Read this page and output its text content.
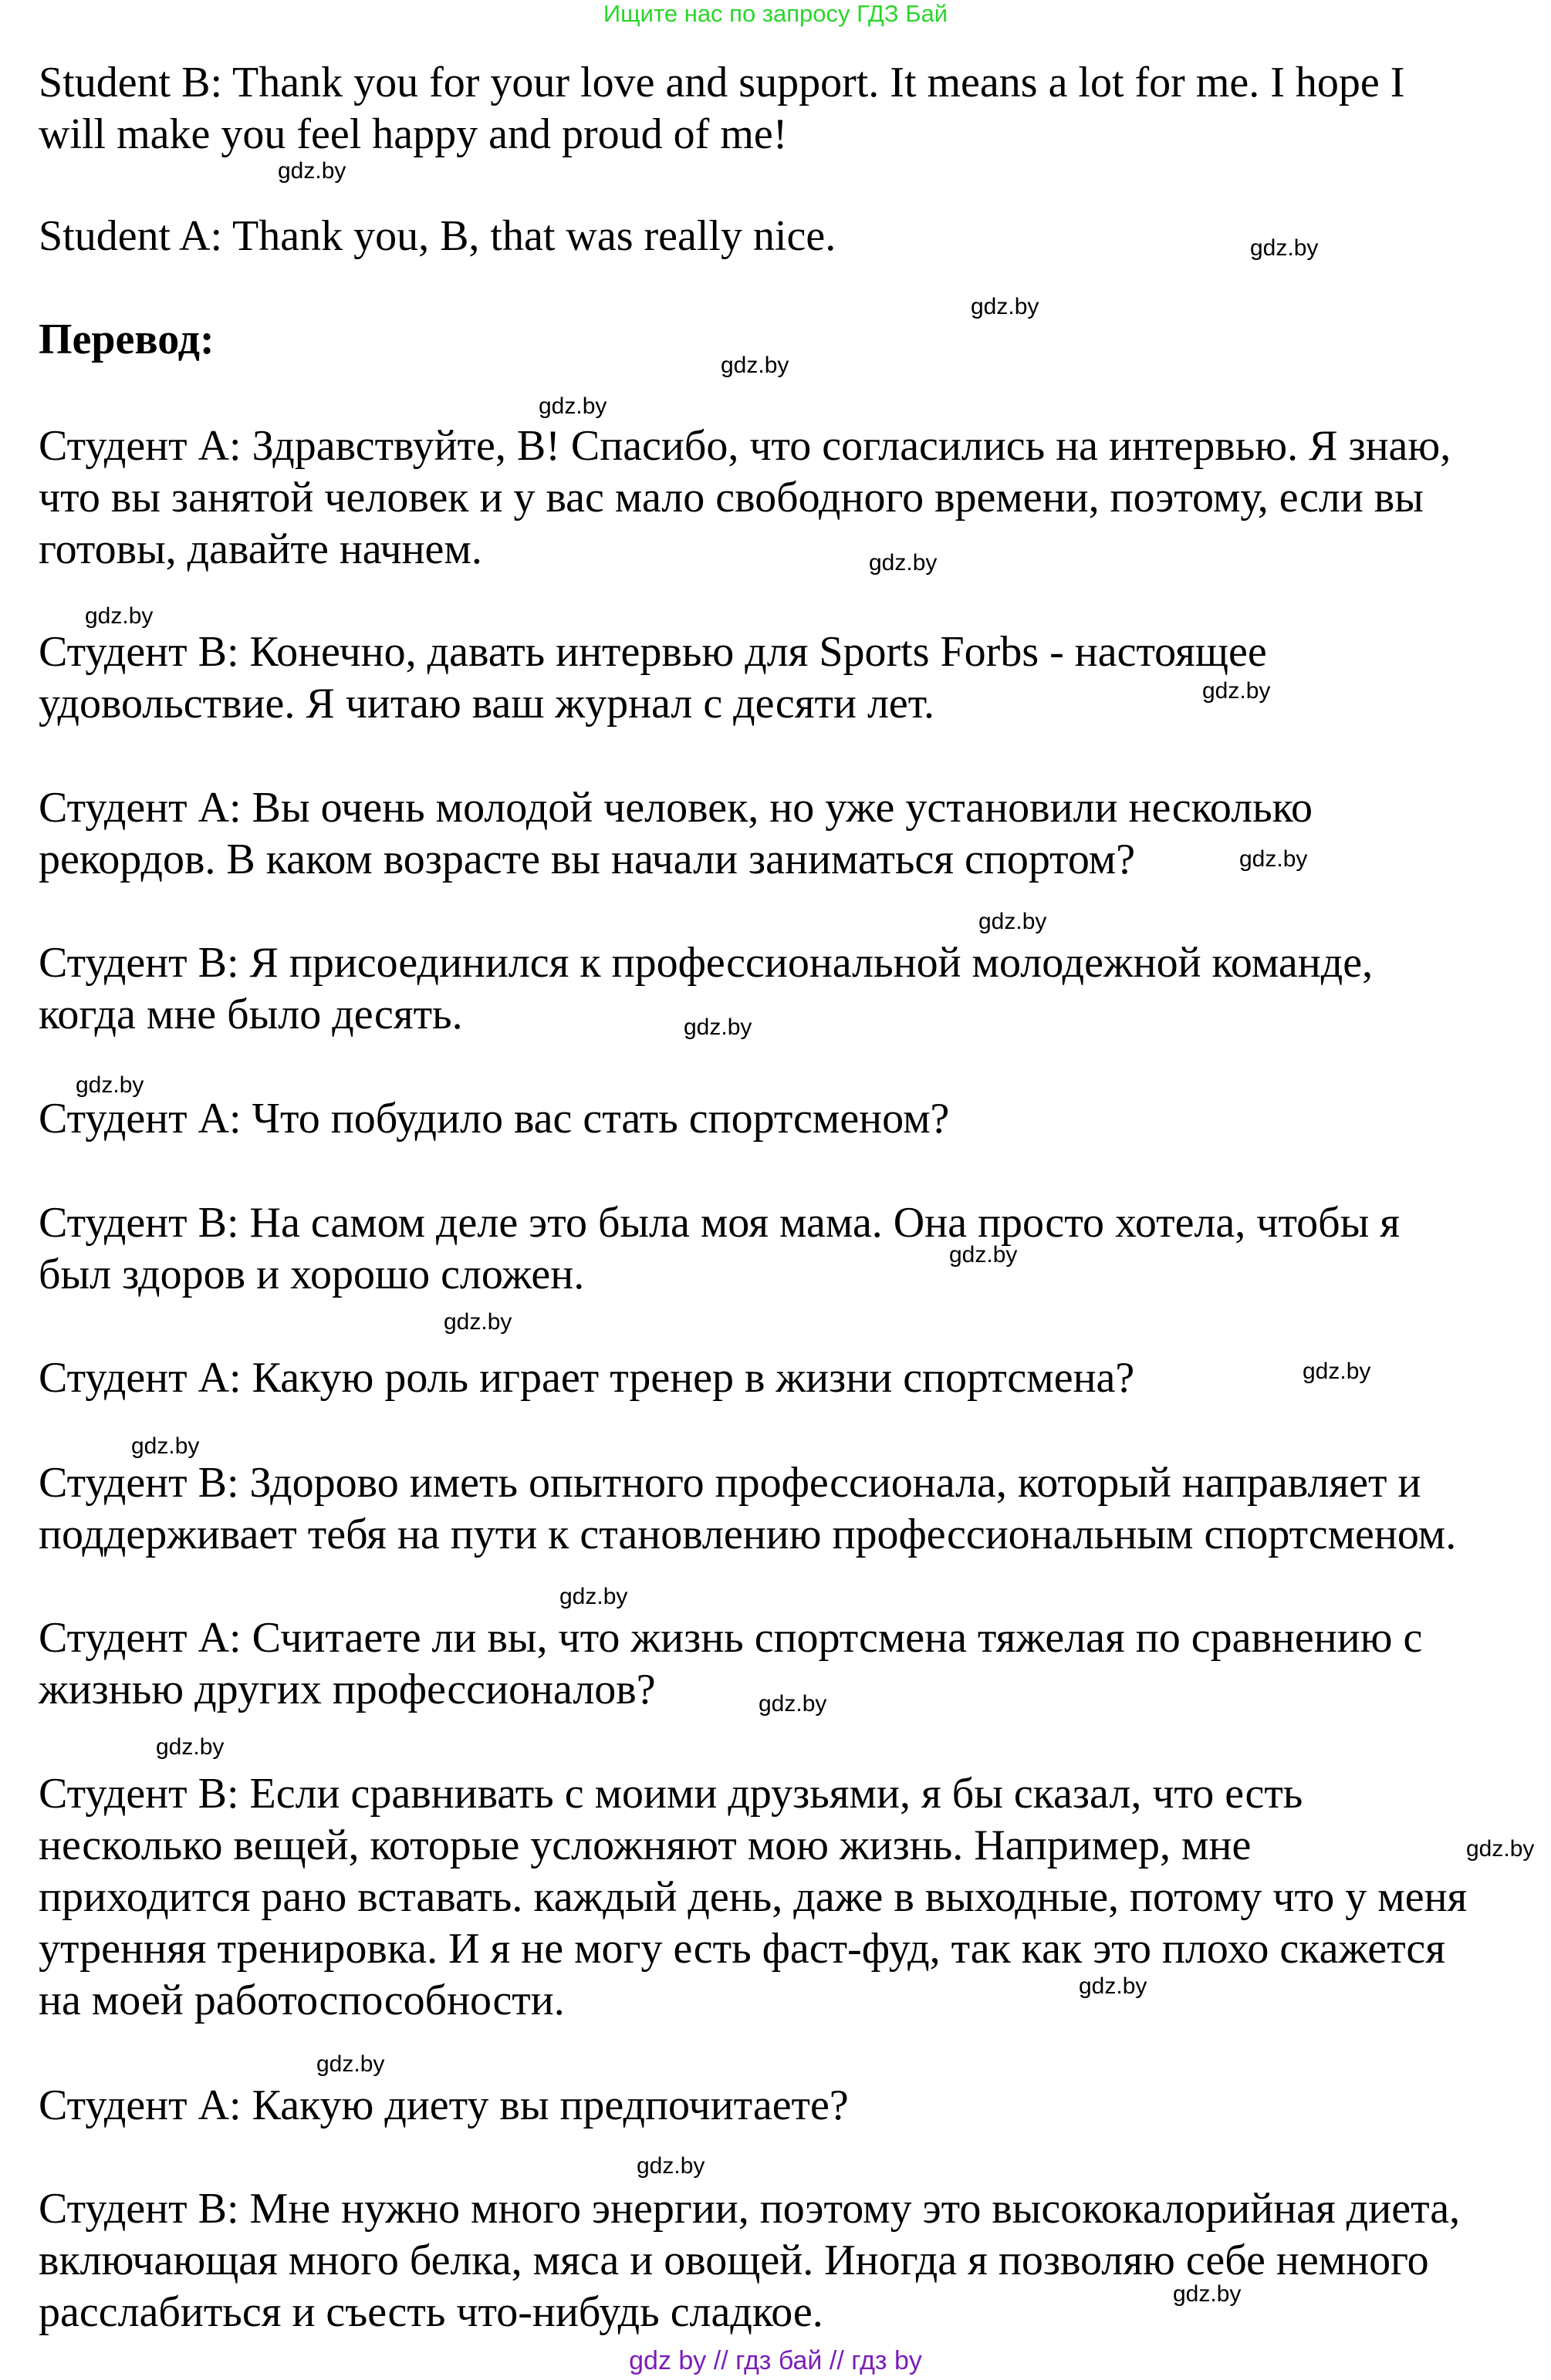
Ищите нас по запросу ГДЗ Бай

Student B: Thank you for your love and support. It means a lot for me. I hope I
will make you feel happy and proud of me!

Student A: Thank you, B, that was really nice.

Перевод:

Студент А: Здравствуйте, В! Спасибо, что согласились на интервью. Я знаю,
что вы занятой человек и у вас мало свободного времени, поэтому, если вы
готовы, давайте начнем.

Студент В: Конечно, давать интервью для Sports Forbs - настоящее
удовольствие. Я читаю ваш журнал с десяти лет.

Студент А: Вы очень молодой человек, но уже установили несколько
рекордов. В каком возрасте вы начали заниматься спортом?

Студент В: Я присоединился к профессиональной молодежной команде,
когда мне было десять.

Студент А: Что побудило вас стать спортсменом?

Студент В: На самом деле это была моя мама. Она просто хотела, чтобы я
был здоров и хорошо сложен.

Студент А: Какую роль играет тренер в жизни спортсмена?

Студент В: Здорово иметь опытного профессионала, который направляет и
поддерживает тебя на пути к становлению профессиональным спортсменом.

Студент А: Считаете ли вы, что жизнь спортсмена тяжелая по сравнению с
жизнью других профессионалов?

Студент В: Если сравнивать с моими друзьями, я бы сказал, что есть
несколько вещей, которые усложняют мою жизнь. Например, мне
приходится рано вставать. каждый день, даже в выходные, потому что у меня
утренняя тренировка. И я не могу есть фаст-фуд, так как это плохо скажется
на моей работоспособности.

Студент А: Какую диету вы предпочитаете?

Студент В: Мне нужно много энергии, поэтому это высококалорийная диета,
включающая много белка, мяса и овощей. Иногда я позволяю себе немного
расслабиться и съесть что-нибудь сладкое.

gdz.by
gdz.by
gdz.by
gdz.by
gdz.by
gdz.by
gdz.by
gdz.by
gdz.by
gdz.by
gdz.by
gdz.by
gdz.by
gdz.by
gdz.by
gdz.by
gdz.by
gdz.by
gdz.by
gdz.by
gdz.by
gdz.by
gdz.by
gdz.by
gdz by // гдз бай // гдз by
